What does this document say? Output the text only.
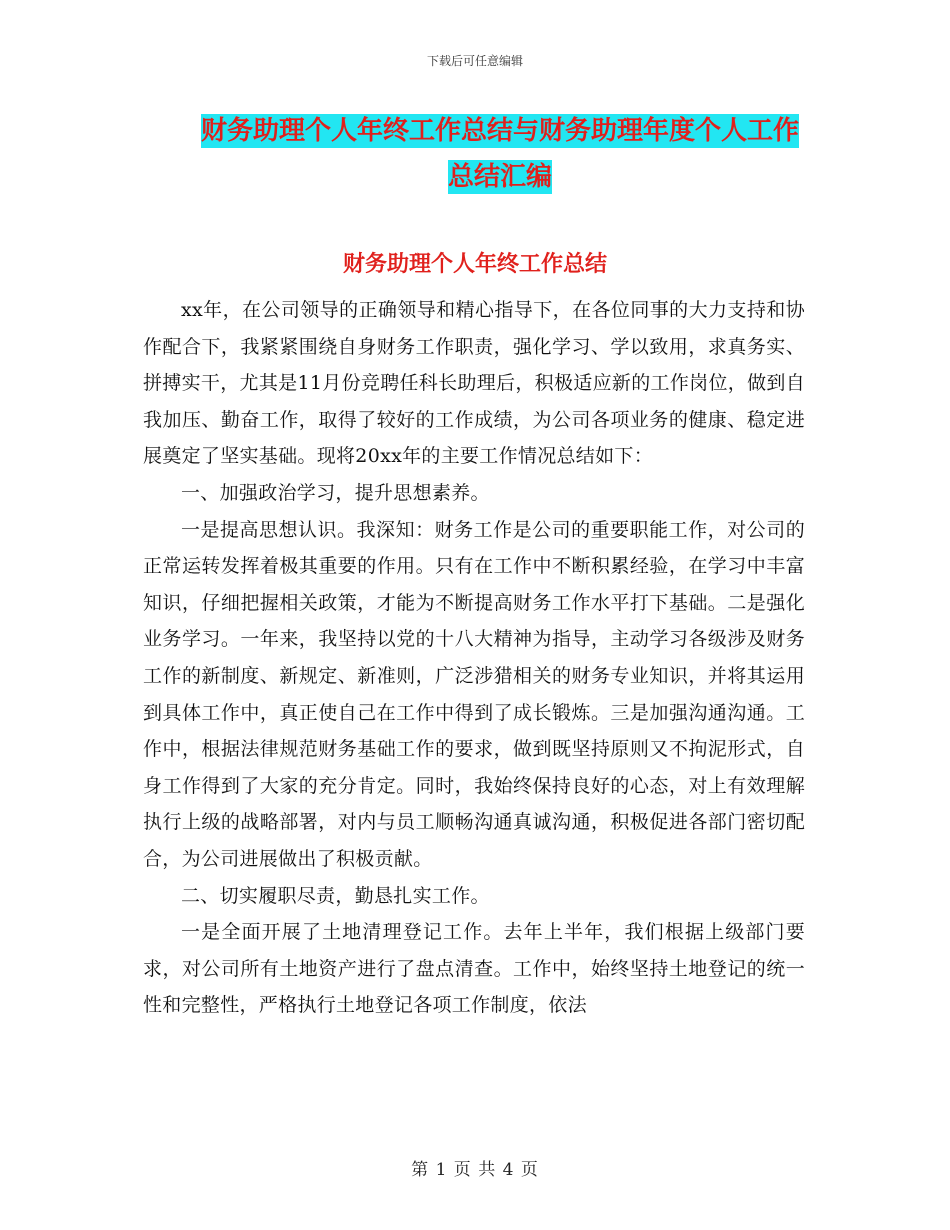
下载后可任意编辑
财务助理个人年终工作总结与财务助理年度个人工作
总结汇编
财务助理个人年终工作总结

xx年，在公司领导的正确领导和精心指导下，在各位同事的大力支持和协作配合下，我紧紧围绕自身财务工作职责，强化学习、学以致用，求真务实、拼搏实干，尤其是11月份竞聘任科长助理后，积极适应新的工作岗位，做到自我加压、勤奋工作，取得了较好的工作成绩，为公司各项业务的健康、稳定进展奠定了坚实基础。现将20xx年的主要工作情况总结如下：

一、加强政治学习，提升思想素养。

一是提高思想认识。我深知：财务工作是公司的重要职能工作，对公司的正常运转发挥着极其重要的作用。只有在工作中不断积累经验，在学习中丰富知识，仔细把握相关政策，才能为不断提高财务工作水平打下基础。二是强化业务学习。一年来，我坚持以党的十八大精神为指导，主动学习各级涉及财务工作的新制度、新规定、新准则，广泛涉猎相关的财务专业知识，并将其运用到具体工作中，真正使自己在工作中得到了成长锻炼。三是加强沟通沟通。工作中，根据法律规范财务基础工作的要求，做到既坚持原则又不拘泥形式，自身工作得到了大家的充分肯定。同时，我始终保持良好的心态，对上有效理解执行上级的战略部署，对内与员工顺畅沟通真诚沟通，积极促进各部门密切配合，为公司进展做出了积极贡献。

二、切实履职尽责，勤恳扎实工作。

一是全面开展了土地清理登记工作。去年上半年，我们根据上级部门要求，对公司所有土地资产进行了盘点清查。工作中，始终坚持土地登记的统一性和完整性，严格执行土地登记各项工作制度，依法

第 1 页 共 4 页
